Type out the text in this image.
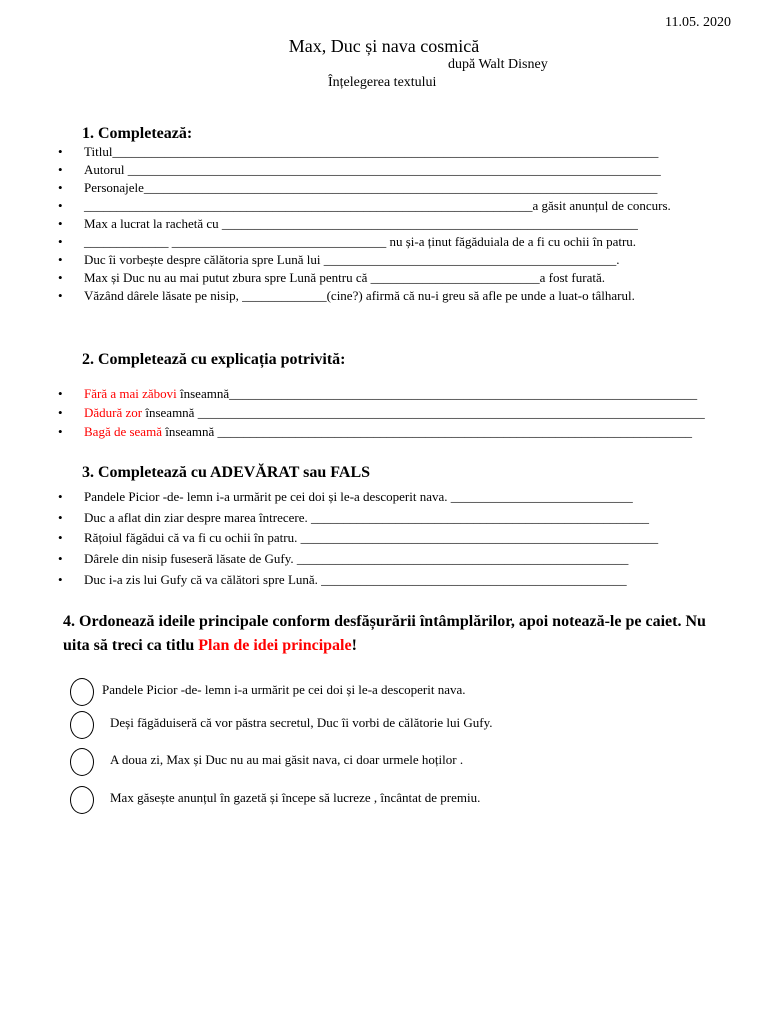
11.05. 2020
Max, Duc și nava cosmică
după Walt Disney
Înțelegerea textului
1. Completează:
• Titlul____________________________________________________________________________________
• Autorul __________________________________________________________________________________
• Personajele_______________________________________________________________________________
• _____________________________________________________________________a găsit anunțul de concurs.
• Max a lucrat la rachetă cu ________________________________________________________________
• _____________ _________________________________ nu și-a ținut făgăduiala de a fi cu ochii în patru.
• Duc îi vorbește despre călătoria spre Lună lui _____________________________________________.
• Max și Duc nu au mai putut zbura spre Lună pentru că __________________________a fost furată.
• Văzând dârele lăsate pe nisip, _____________(cine?) afirmă că nu-i greu să afle pe unde a luat-o tâlharul.
2. Completează cu explicația potrivită:
• Fără a mai zăbovi înseamnă________________________________________________________________________
• Dădură zor înseamnă ______________________________________________________________________________
• Bagă de seamă înseamnă _________________________________________________________________________
3. Completează cu ADEVĂRAT sau FALS
• Pandele Picior -de- lemn i-a urmărit pe cei doi și le-a descoperit nava. ____________________________
• Duc a aflat din ziar despre marea întrecere. ____________________________________________________
• Rățoiul făgădui că va fi cu ochii în patru. _______________________________________________________
• Dârele din nisip fuseseră lăsate de Gufy. ___________________________________________________
• Duc i-a zis lui Gufy că va călători spre Lună. _______________________________________________
4. Ordonează ideile principale conform desfășurării întâmplărilor, apoi notează-le pe caiet. Nu uita să treci ca titlu Plan de idei principale!
Pandele Picior -de- lemn i-a urmărit pe cei doi și le-a descoperit nava.
Deși făgăduiseră că vor păstra secretul, Duc îi vorbi de călătorie lui Gufy.
A doua zi, Max și Duc nu au mai găsit nava, ci doar urmele hoților .
Max găsește anunțul în gazetă și începe să lucreze , încântat de premiu.
